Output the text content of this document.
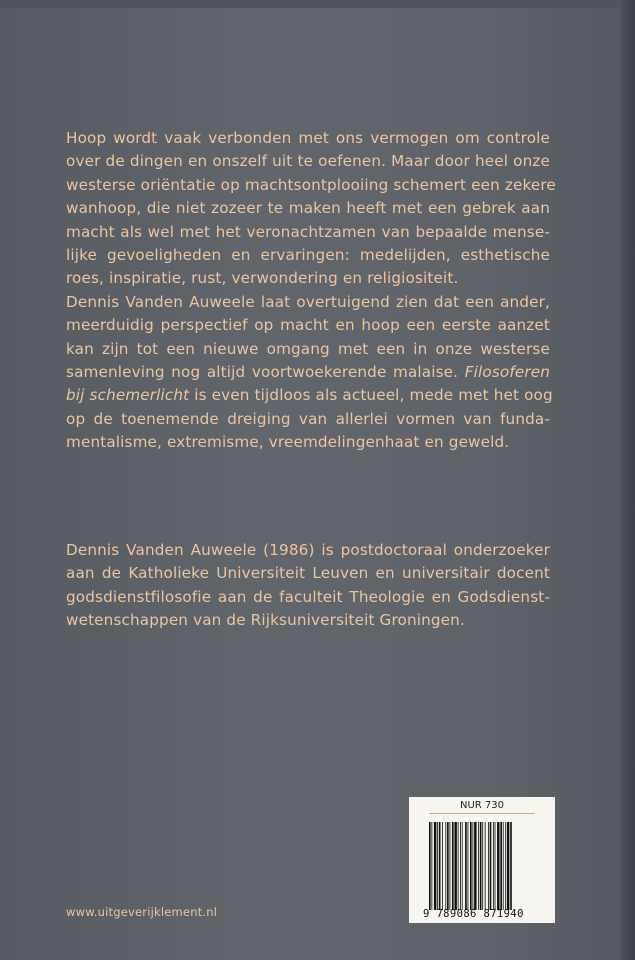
Hoop wordt vaak verbonden met ons vermogen om controle
over de dingen en onszelf uit te oefenen. Maar door heel onze
westerse oriëntatie op machtsontplooiing schemert een zekere
wanhoop, die niet zozeer te maken heeft met een gebrek aan
macht als wel met het veronachtzamen van bepaalde mense-
lijke gevoeligheden en ervaringen: medelijden, esthetische
roes, inspiratie, rust, verwondering en religiositeit.
Dennis Vanden Auweele laat overtuigend zien dat een ander,
meerduidig perspectief op macht en hoop een eerste aanzet
kan zijn tot een nieuwe omgang met een in onze westerse
samenleving nog altijd voortwoekerende malaise. Filosoferen
bij schemerlicht is even tijdloos als actueel, mede met het oog
op de toenemende dreiging van allerlei vormen van funda-
mentalisme, extremisme, vreemdelingenhaat en geweld.
Dennis Vanden Auweele (1986) is postdoctoraal onderzoeker
aan de Katholieke Universiteit Leuven en universitair docent
godsdienstfilosofie aan de faculteit Theologie en Godsdienst-
wetenschappen van de Rijksuniversiteit Groningen.
www.uitgeverijklement.nl
NUR 730
9 789086 871940
